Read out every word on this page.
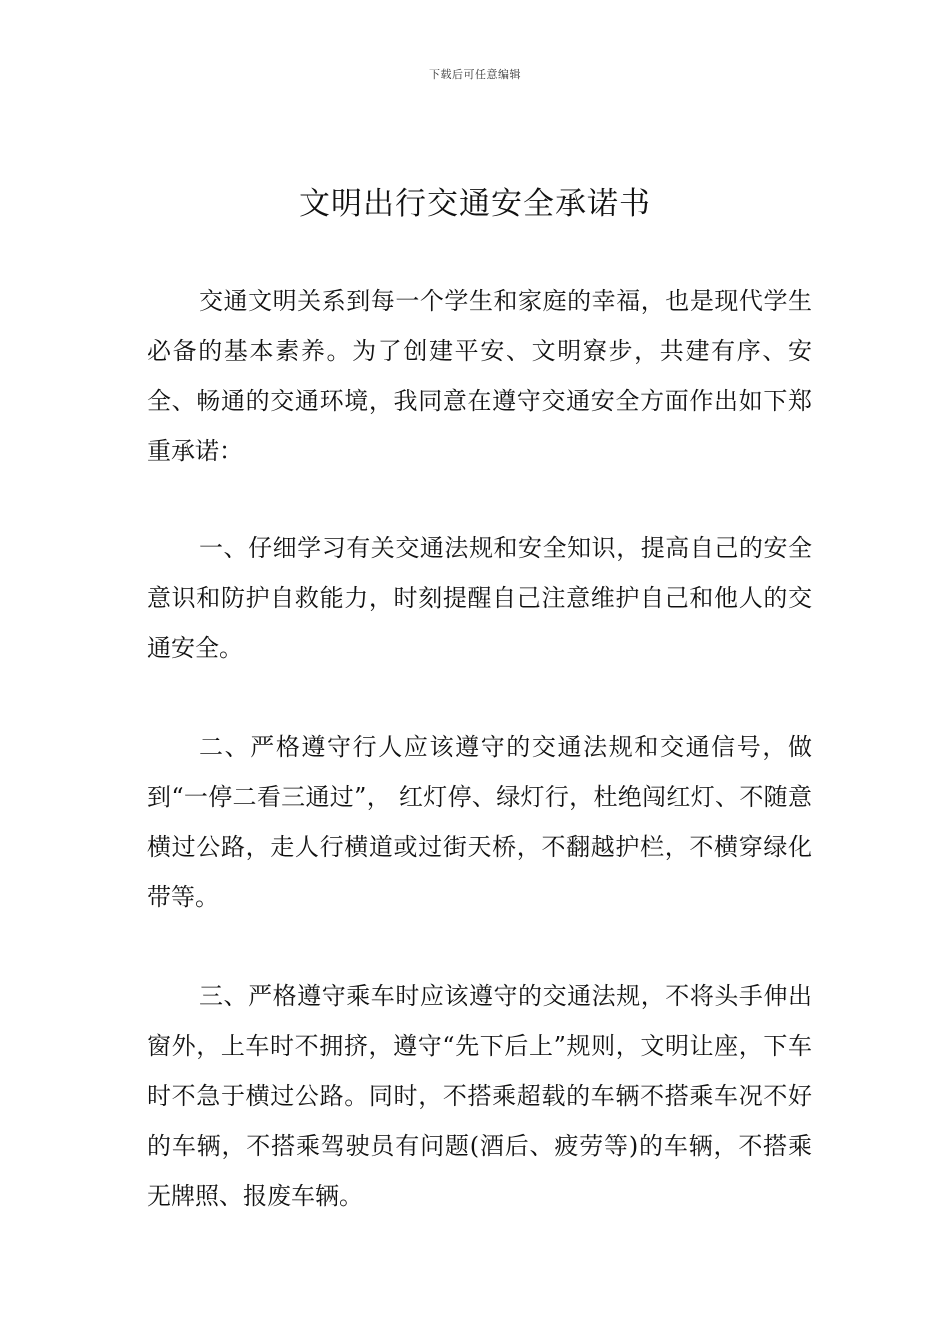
下载后可任意编辑
文明出行交通安全承诺书

交通文明关系到每一个学生和家庭的幸福，也是现代学生必备的基本素养。为了创建平安、文明寮步，共建有序、安全、畅通的交通环境，我同意在遵守交通安全方面作出如下郑重承诺：

一、仔细学习有关交通法规和安全知识，提高自己的安全意识和防护自救能力，时刻提醒自己注意维护自己和他人的交通安全。

二、严格遵守行人应该遵守的交通法规和交通信号，做到“一停二看三通过”， 红灯停、绿灯行，杜绝闯红灯、不随意横过公路，走人行横道或过街天桥，不翻越护栏，不横穿绿化带等。

三、严格遵守乘车时应该遵守的交通法规，不将头手伸出窗外，上车时不拥挤，遵守“先下后上”规则，文明让座，下车时不急于横过公路。同时，不搭乘超载的车辆不搭乘车况不好的车辆，不搭乘驾驶员有问题(酒后、疲劳等)的车辆，不搭乘无牌照、报废车辆。
